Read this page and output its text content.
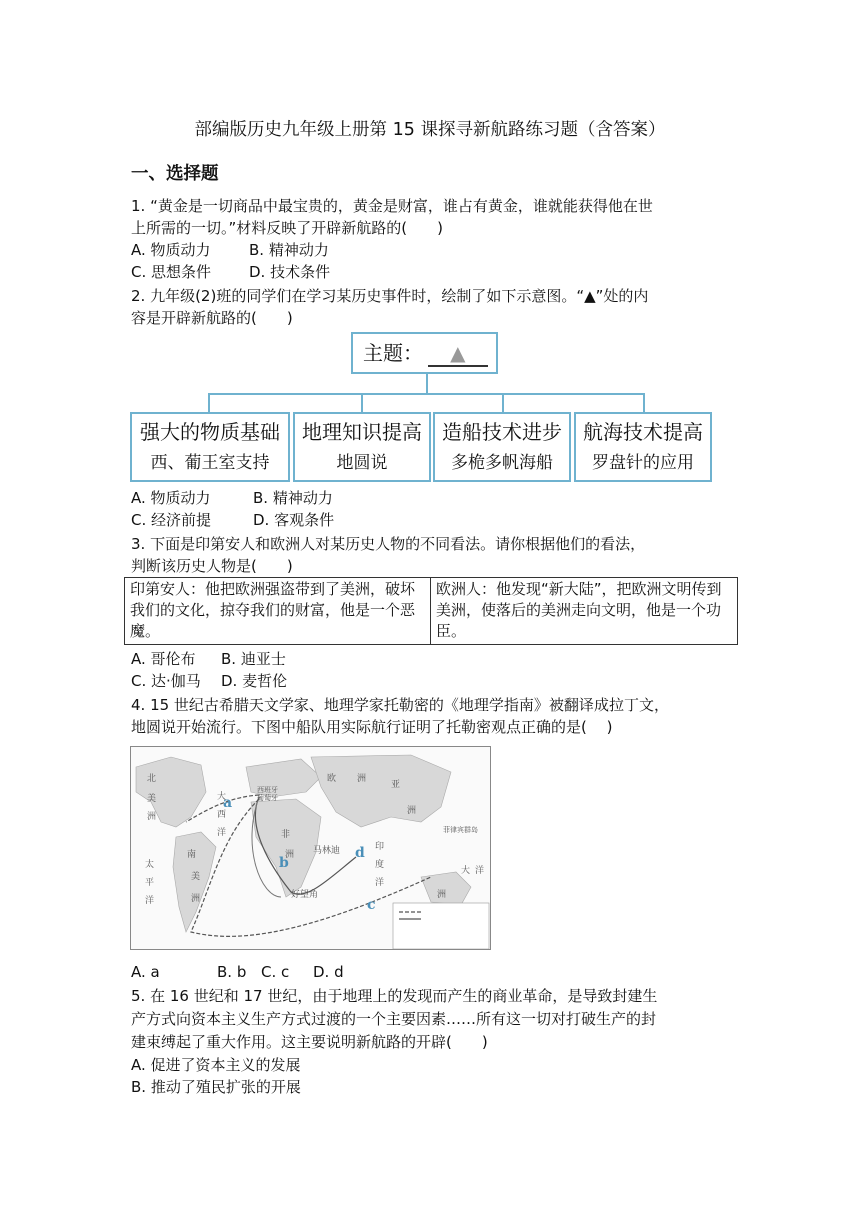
部编版历史九年级上册第 15 课探寻新航路练习题（含答案）
一、选择题
1. “黄金是一切商品中最宝贵的，黄金是财富，谁占有黄金，谁就能获得他在世
上所需的一切。”材料反映了开辟新航路的(　　)
A. 物质动力	B. 精神动力
C. 思想条件	D. 技术条件
2. 九年级(2)班的同学们在学习某历史事件时，绘制了如下示意图。“▲”处的内
容是开辟新航路的(　　)
主题： ▲
强大的物质基础
西、葡王室支持
地理知识提高
地圆说
造船技术进步
多桅多帆海船
航海技术提高
罗盘针的应用
A. 物质动力	B. 精神动力
C. 经济前提	D. 客观条件
3. 下面是印第安人和欧洲人对某历史人物的不同看法。请你根据他们的看法，
判断该历史人物是(　　)
印第安人：他把欧洲强盗带到了美洲，破坏我们的文化，掠夺我们的财富，他是一个恶魔。
欧洲人：他发现“新大陆”，把欧洲文明传到美洲，使落后的美洲走向文明，他是一个功臣。
A. 哥伦布 B. 迪亚士
C. 达·伽马 D. 麦哲伦
4. 15 世纪古希腊天文学家、地理学家托勒密的《地理学指南》被翻译成拉丁文，
地圆说开始流行。下图中船队用实际航行证明了托勒密观点正确的是(　 )
北
美
洲
大
西
洋
南
美
洲
太
平
洋
欧 洲
亚
洲
非
洲
印
度
洋
大 洋
洲
马林迪
好望角
西班牙
葡萄牙
菲律宾群岛
a
b
c
d
A. a	B. b C. c D. d
5. 在 16 世纪和 17 世纪，由于地理上的发现而产生的商业革命，是导致封建生
产方式向资本主义生产方式过渡的一个主要因素……所有这一切对打破生产的封
建束缚起了重大作用。这主要说明新航路的开辟(　　)
A. 促进了资本主义的发展
B. 推动了殖民扩张的开展
